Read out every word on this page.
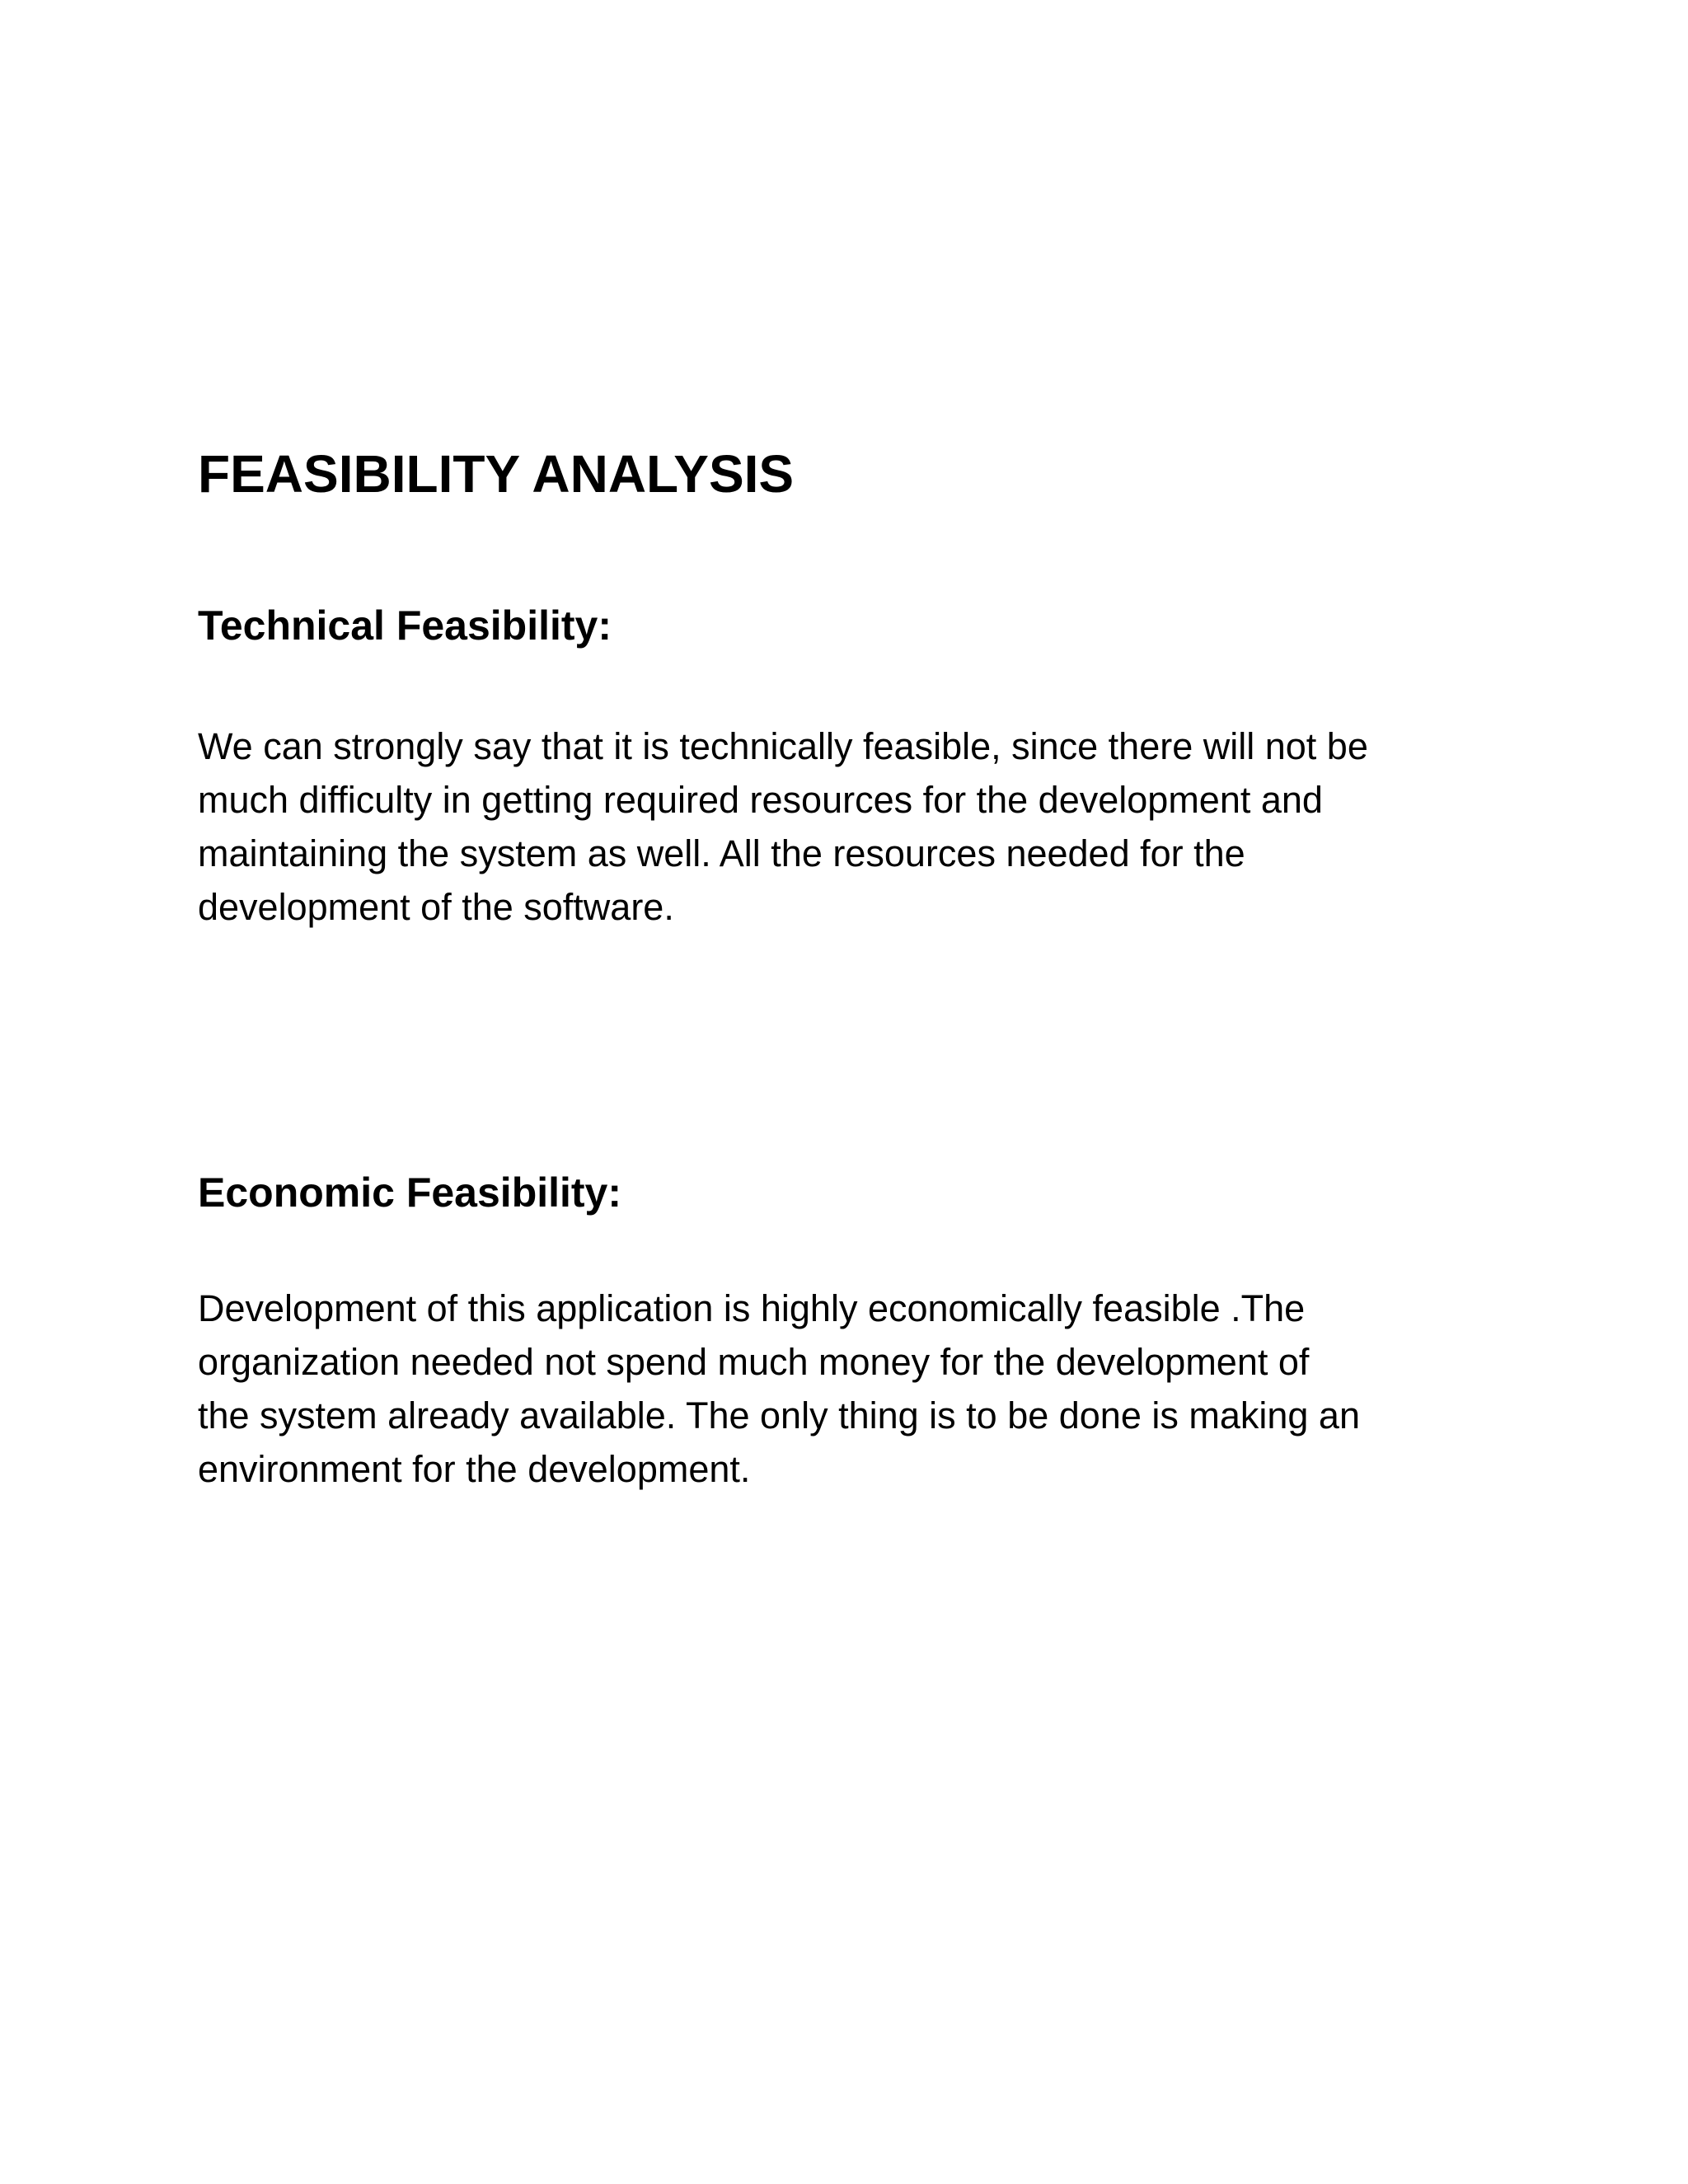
FEASIBILITY ANALYSIS
Technical Feasibility:

We can strongly say that it is technically feasible, since there will not be
much difficulty in getting required resources for the development and
maintaining the system as well. All the resources needed for the
development of the software.

Economic Feasibility:

Development of this application is highly economically feasible .The
organization needed not spend much money for the development of
the system already available. The only thing is to be done is making an
environment for the development.
